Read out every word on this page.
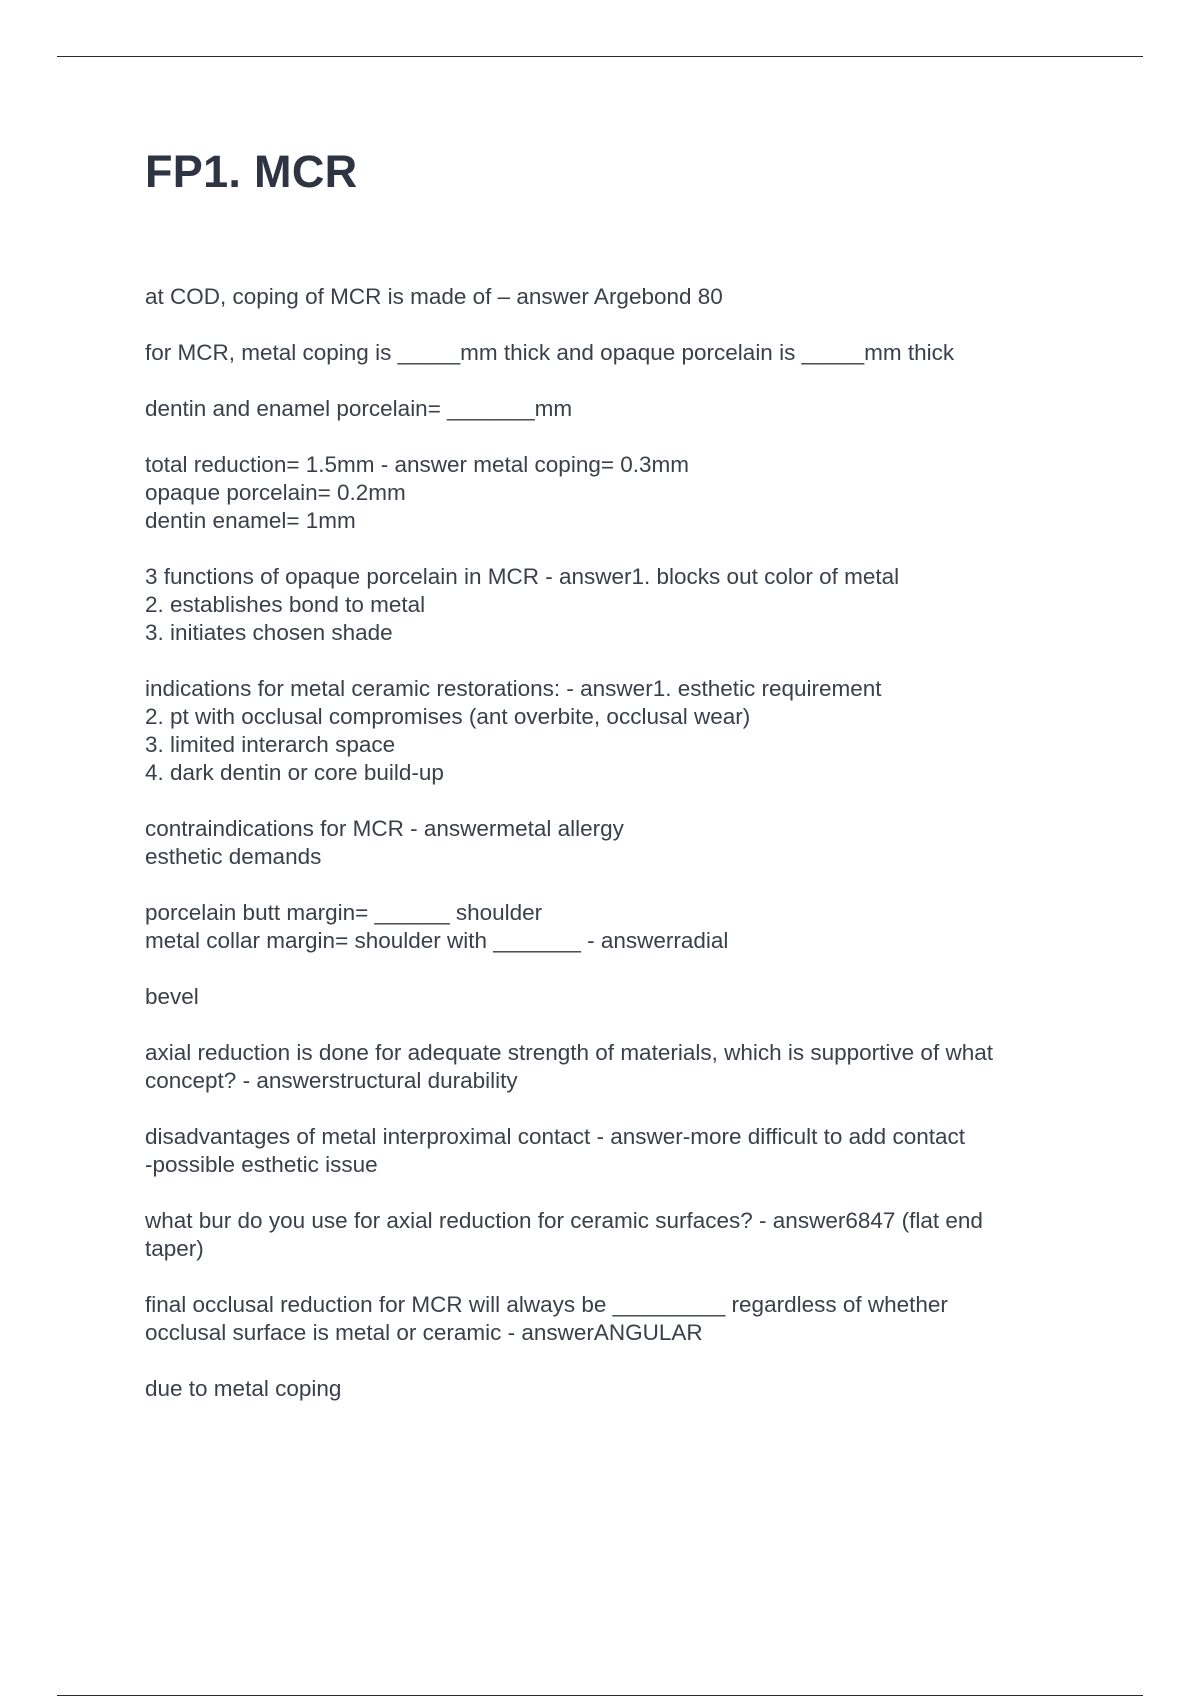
FP1. MCR

at COD, coping of MCR is made of – answer Argebond 80

for MCR, metal coping is _____mm thick and opaque porcelain is _____mm thick

dentin and enamel porcelain= _______mm

total reduction= 1.5mm - answer metal coping= 0.3mm
opaque porcelain= 0.2mm
dentin enamel= 1mm

3 functions of opaque porcelain in MCR - answer1. blocks out color of metal
2. establishes bond to metal
3. initiates chosen shade

indications for metal ceramic restorations: - answer1. esthetic requirement
2. pt with occlusal compromises (ant overbite, occlusal wear)
3. limited interarch space
4. dark dentin or core build-up

contraindications for MCR - answermetal allergy
esthetic demands

porcelain butt margin= ______ shoulder
metal collar margin= shoulder with _______ - answerradial

bevel

axial reduction is done for adequate strength of materials, which is supportive of what
concept? - answerstructural durability

disadvantages of metal interproximal contact - answer-more difficult to add contact
-possible esthetic issue

what bur do you use for axial reduction for ceramic surfaces? - answer6847 (flat end
taper)

final occlusal reduction for MCR will always be _________ regardless of whether
occlusal surface is metal or ceramic - answerANGULAR

due to metal coping
